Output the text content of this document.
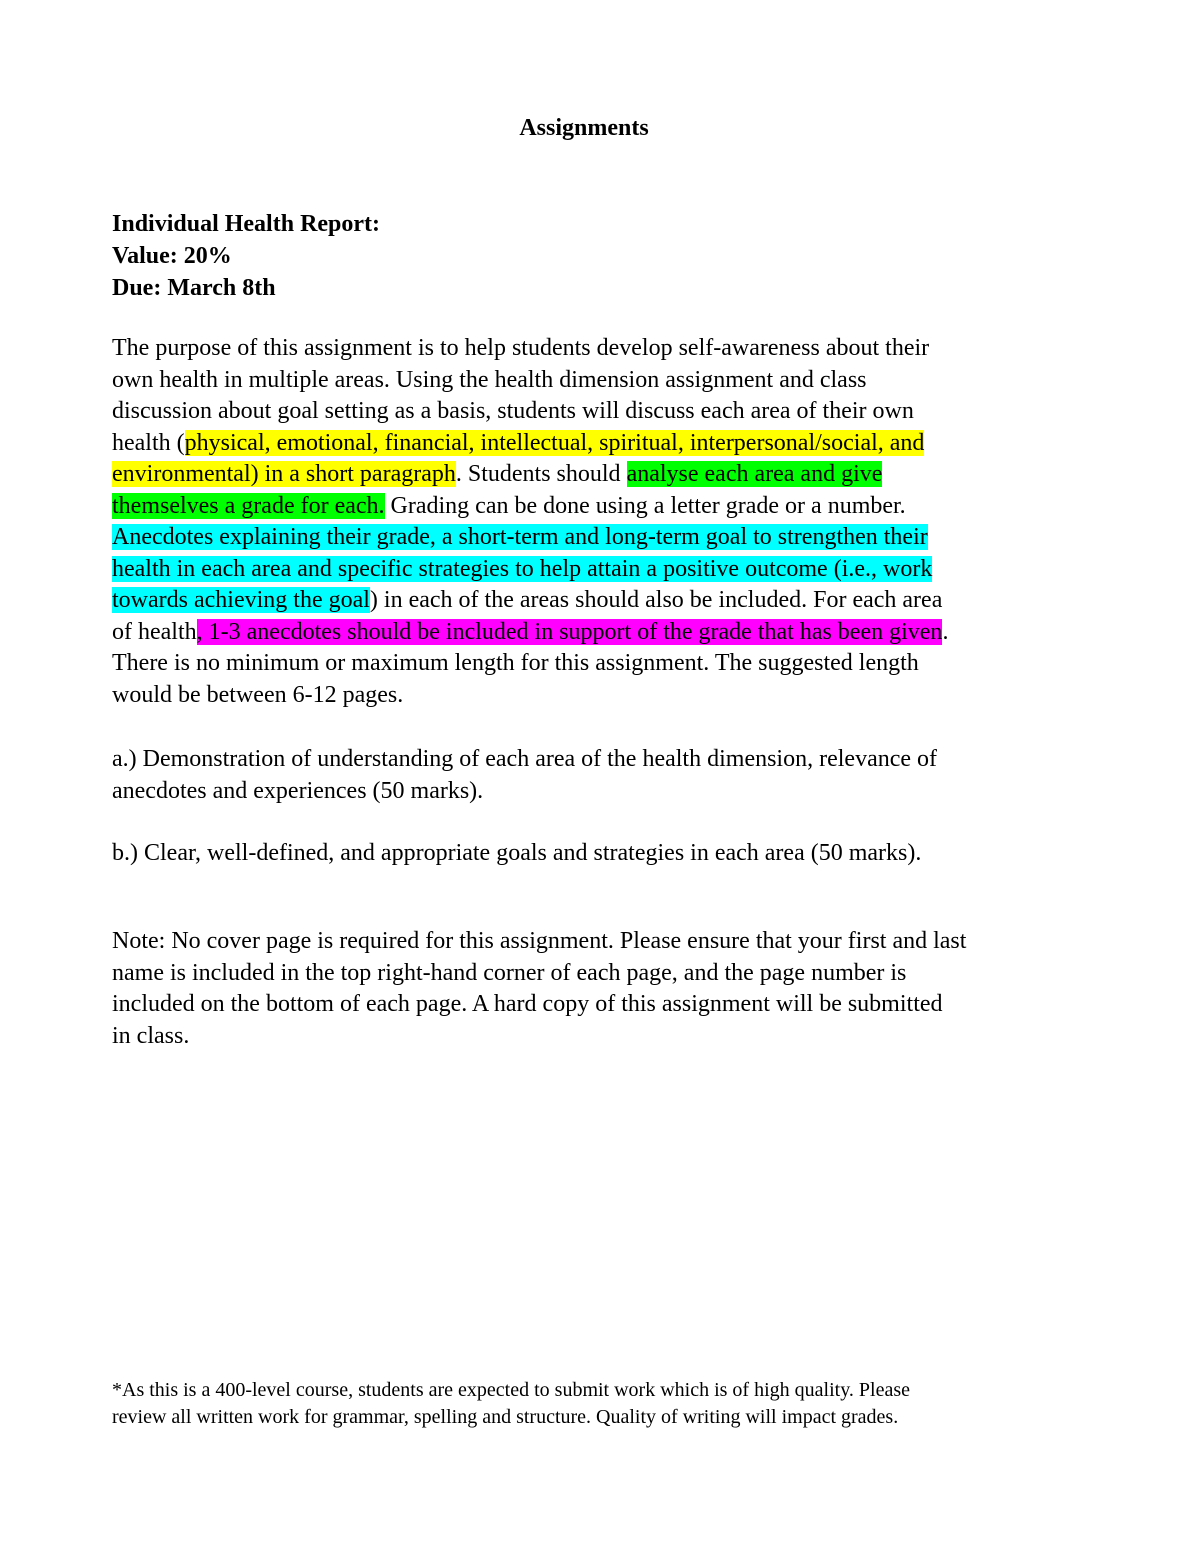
Assignments
Individual Health Report:
Value: 20%
Due: March 8th
The purpose of this assignment is to help students develop self-awareness about their
own health in multiple areas. Using the health dimension assignment and class
discussion about goal setting as a basis, students will discuss each area of their own
health (physical, emotional, financial, intellectual, spiritual, interpersonal/social, and
environmental) in a short paragraph. Students should analyse each area and give
themselves a grade for each. Grading can be done using a letter grade or a number.
Anecdotes explaining their grade, a short-term and long-term goal to strengthen their
health in each area and specific strategies to help attain a positive outcome (i.e., work
towards achieving the goal) in each of the areas should also be included. For each area
of health, 1-3 anecdotes should be included in support of the grade that has been given.
There is no minimum or maximum length for this assignment. The suggested length
would be between 6-12 pages.
a.) Demonstration of understanding of each area of the health dimension, relevance of
anecdotes and experiences (50 marks).
b.) Clear, well-defined, and appropriate goals and strategies in each area (50 marks).
Note: No cover page is required for this assignment. Please ensure that your first and last
name is included in the top right-hand corner of each page, and the page number is
included on the bottom of each page. A hard copy of this assignment will be submitted
in class.
*As this is a 400-level course, students are expected to submit work which is of high quality. Please
review all written work for grammar, spelling and structure. Quality of writing will impact grades.
